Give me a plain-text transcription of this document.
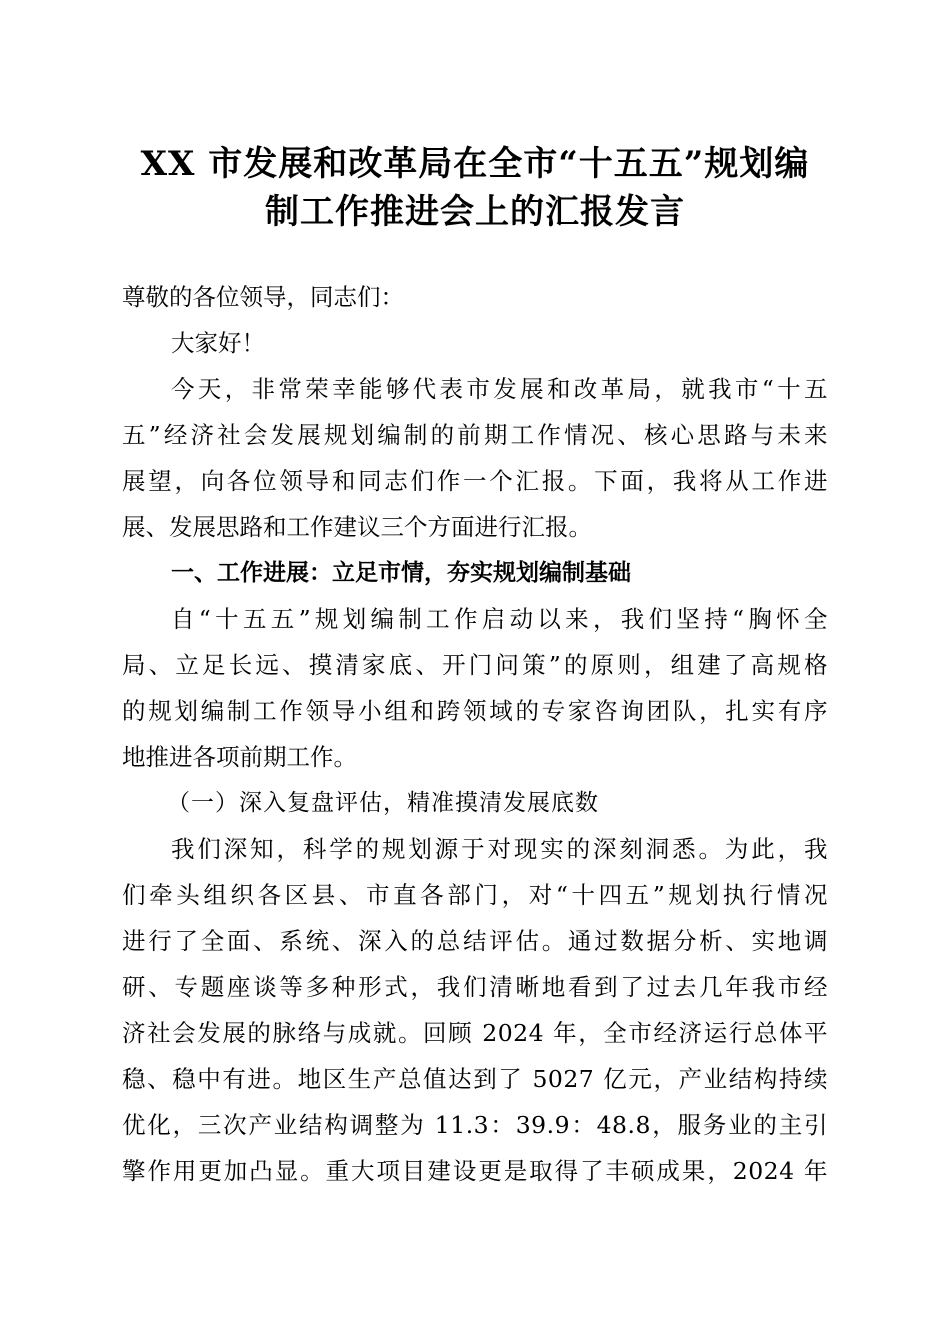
XX 市发展和改革局在全市“十五五”规划编
制工作推进会上的汇报发言
尊敬的各位领导，同志们：
大家好！
今天，非常荣幸能够代表市发展和改革局，就我市“十五
五”经济社会发展规划编制的前期工作情况、核心思路与未来
展望，向各位领导和同志们作一个汇报。下面，我将从工作进
展、发展思路和工作建议三个方面进行汇报。
一、工作进展：立足市情，夯实规划编制基础
自“十五五”规划编制工作启动以来，我们坚持“胸怀全
局、立足长远、摸清家底、开门问策”的原则，组建了高规格
的规划编制工作领导小组和跨领域的专家咨询团队，扎实有序
地推进各项前期工作。
（一）深入复盘评估，精准摸清发展底数
我们深知，科学的规划源于对现实的深刻洞悉。为此，我
们牵头组织各区县、市直各部门，对“十四五”规划执行情况
进行了全面、系统、深入的总结评估。通过数据分析、实地调
研、专题座谈等多种形式，我们清晰地看到了过去几年我市经
济社会发展的脉络与成就。回顾 2024 年，全市经济运行总体平
稳、稳中有进。地区生产总值达到了 5027 亿元，产业结构持续
优化，三次产业结构调整为 11.3：39.9：48.8，服务业的主引
擎作用更加凸显。重大项目建设更是取得了丰硕成果，2024 年
